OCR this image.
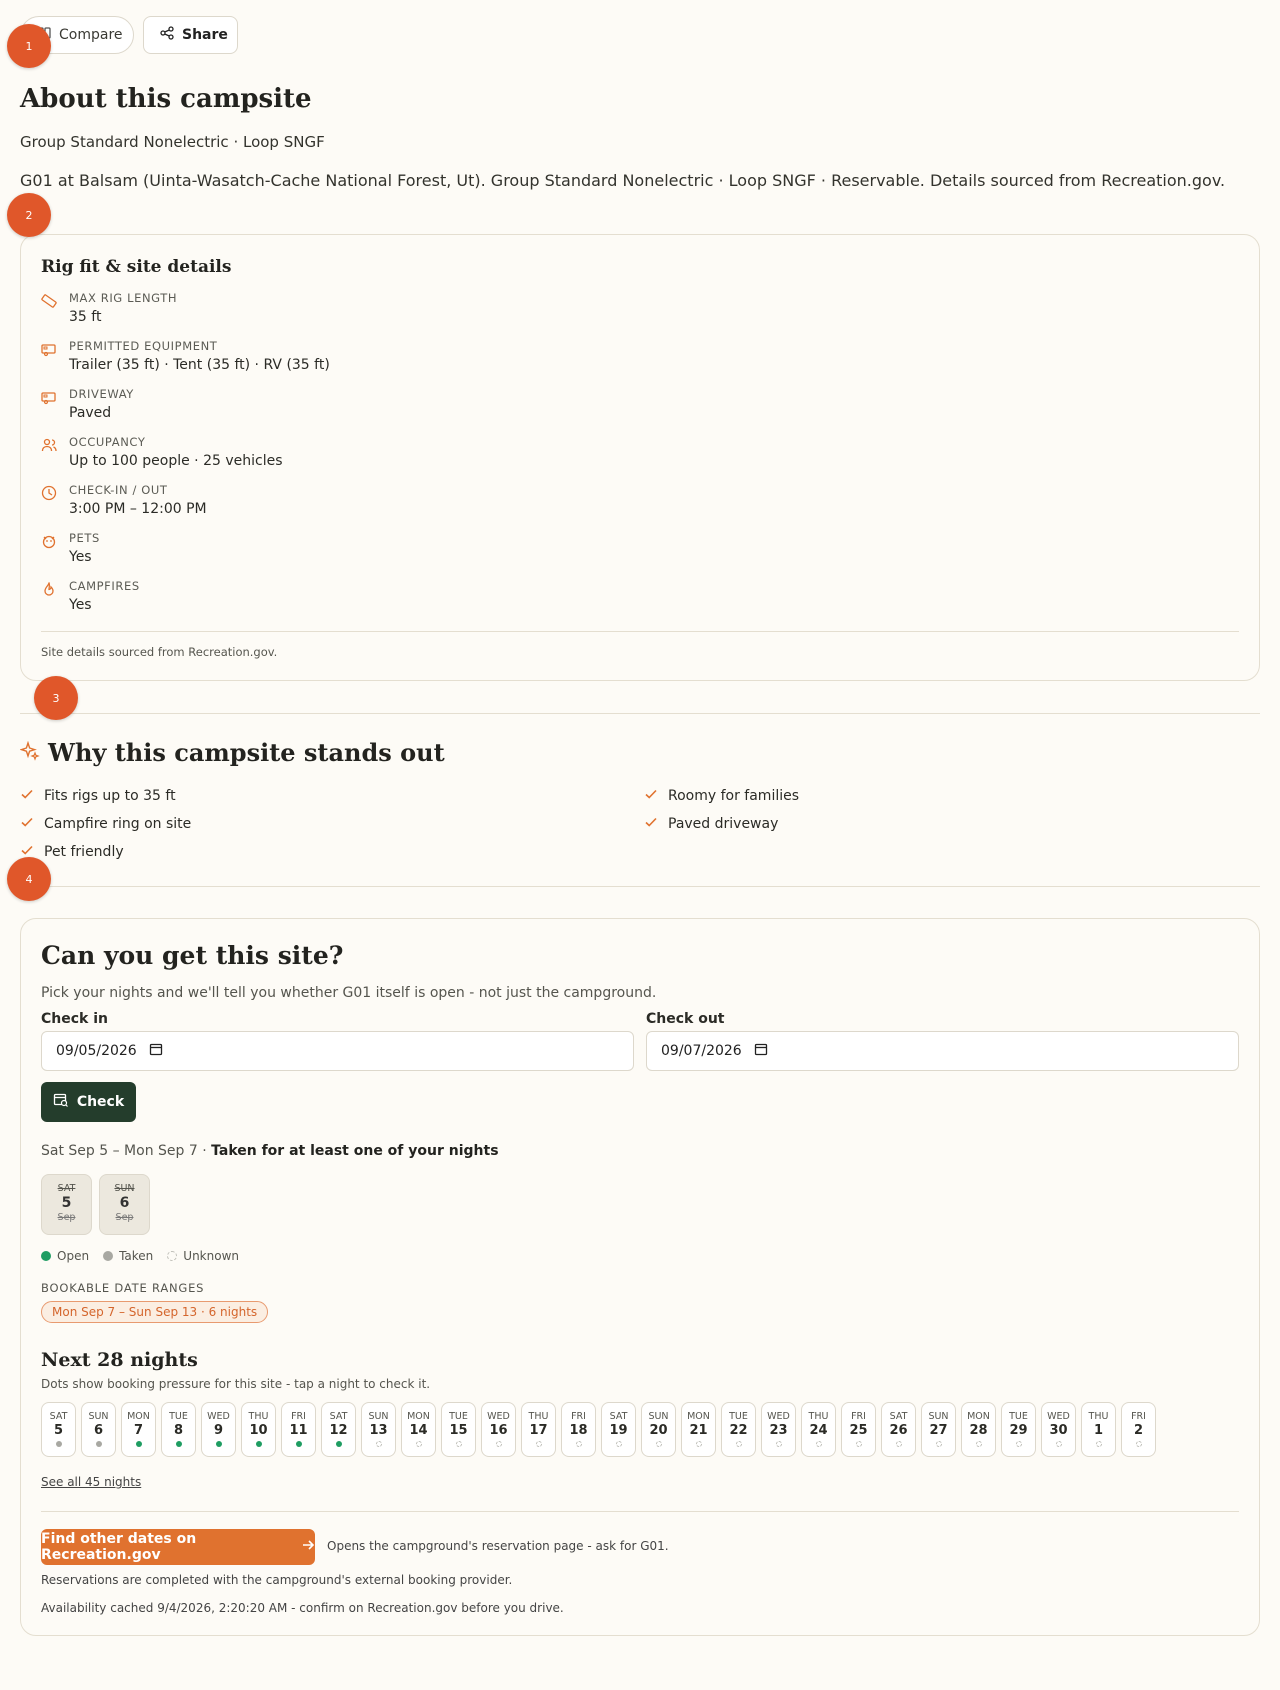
Compare	Share
1
2
3
4
About this campsite
Group Standard Nonelectric · Loop SNGF
G01 at Balsam (Uinta-Wasatch-Cache National Forest, Ut). Group Standard Nonelectric · Loop SNGF · Reservable. Details sourced from Recreation.gov.
Rig fit & site details
MAX RIG LENGTH
35 ft
PERMITTED EQUIPMENT
Trailer (35 ft) · Tent (35 ft) · RV (35 ft)
DRIVEWAY
Paved
OCCUPANCY
Up to 100 people · 25 vehicles
CHECK-IN / OUT
3:00 PM – 12:00 PM
PETS
Yes
CAMPFIRES
Yes
Site details sourced from Recreation.gov.
Why this campsite stands out
Fits rigs up to 35 ft	Roomy for families
Campfire ring on site	Paved driveway
Pet friendly
Can you get this site?
Pick your nights and we'll tell you whether G01 itself is open - not just the campground.
Check in
09/05/2026
Check out
09/07/2026
Check
Sat Sep 5 – Mon Sep 7 · Taken for at least one of your nights
SAT
5
Sep
SUN
6
Sep
Open	Taken	Unknown
BOOKABLE DATE RANGES
Mon Sep 7 – Sun Sep 13 · 6 nights
Next 28 nights
Dots show booking pressure for this site - tap a night to check it.
SAT
5
SUN
6
MON
7
TUE
8
WED
9
THU
10
FRI
11
SAT
12
SUN
13
MON
14
TUE
15
WED
16
THU
17
FRI
18
SAT
19
SUN
20
MON
21
TUE
22
WED
23
THU
24
FRI
25
SAT
26
SUN
27
MON
28
TUE
29
WED
30
THU
1
FRI
2
See all 45 nights
Find other dates on Recreation.gov
Opens the campground's reservation page - ask for G01.
Reservations are completed with the campground's external booking provider.
Availability cached 9/4/2026, 2:20:20 AM - confirm on Recreation.gov before you drive.
